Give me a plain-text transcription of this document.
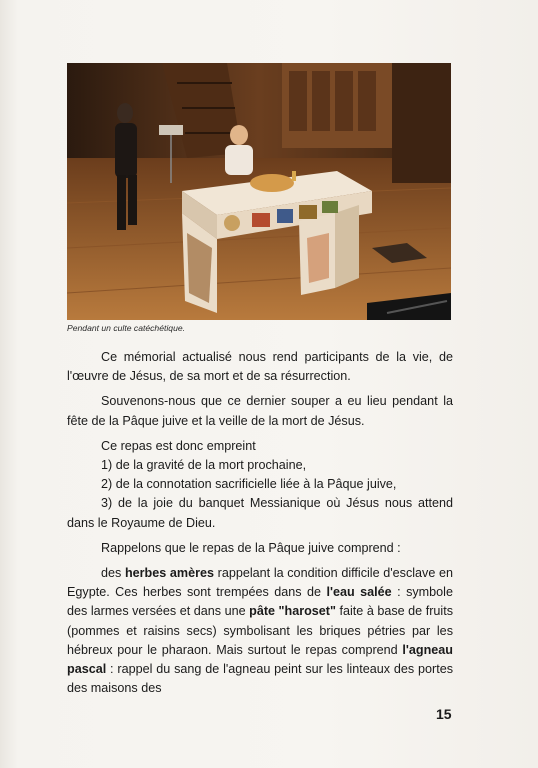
Pendant un culte catéchétique.

Ce mémorial actualisé nous rend participants de la vie, de l'œuvre de Jésus, de sa mort et de sa résurrection.

Souvenons-nous que ce dernier souper a eu lieu pendant la fête de la Pâque juive et la veille de la mort de Jésus.

Ce repas est donc empreint

1) de la gravité de la mort prochaine,

2) de la connotation sacrificielle liée à la Pâque juive,

3) de la joie du banquet Messianique où Jésus nous attend dans le Royaume de Dieu.

Rappelons que le repas de la Pâque juive comprend :

des herbes amères rappelant la condition difficile d'esclave en Egypte. Ces herbes sont trempées dans de l'eau salée : symbole des larmes versées et dans une pâte "haroset" faite à base de fruits (pommes et raisins secs) symbolisant les briques pétries par les hébreux pour le pharaon. Mais surtout le repas comprend l'agneau pascal : rappel du sang de l'agneau peint sur les linteaux des portes des maisons des

15
